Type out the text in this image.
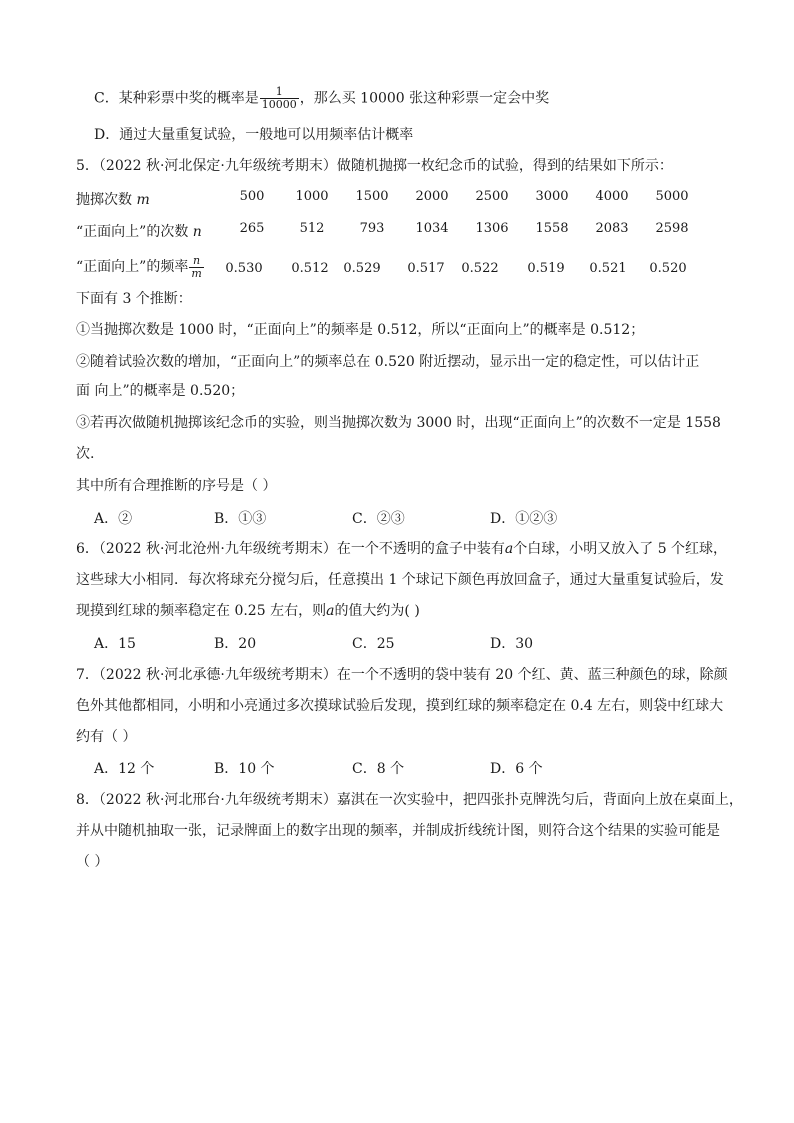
C．某种彩票中奖的概率是 $\frac{1}{10000}$ ，那么买 10000 张这种彩票一定会中奖
D．通过大量重复试验，一般地可以用频率估计概率
5．（2022 秋·河北保定·九年级统考期末）做随机抛掷一枚纪念币的试验，得到的结果如下所示：
抛掷次数 m	500	1000	1500	2000	2500	3000	4000	5000
“正面向上”的次数 n	265	512	793	1034	1306	1558	2083	2598
“正面向上”的频率 $\frac{n}{m}$	0.530	0.512	0.529	0.517	0.522	0.519	0.521	0.520
下面有 3 个推断：
①当抛掷次数是 1000 时，“正面向上”的频率是 0.512，所以“正面向上”的概率是 0.512；
②随着试验次数的增加，“正面向上”的频率总在 0.520 附近摆动，显示出一定的稳定性，可以估计正
面 向上”的概率是 0.520；
③若再次做随机抛掷该纪念币的实验，则当抛掷次数为 3000 时，出现“正面向上”的次数不一定是 1558
次.
其中所有合理推断的序号是（ ）
A．②	B．①③	C．②③	D．①②③
6．（2022 秋·河北沧州·九年级统考期末）在一个不透明的盒子中装有a个白球，小明又放入了 5 个红球，
这些球大小相同．每次将球充分搅匀后，任意摸出 1 个球记下颜色再放回盒子，通过大量重复试验后，发
现摸到红球的频率稳定在 0.25 左右，则a的值大约为( )
A．15	B．20	C．25	D．30
7．（2022 秋·河北承德·九年级统考期末）在一个不透明的袋中装有 20 个红、黄、蓝三种颜色的球，除颜
色外其他都相同，小明和小亮通过多次摸球试验后发现，摸到红球的频率稳定在 0.4 左右，则袋中红球大
约有（ ）
A．12 个	B．10 个	C．8 个	D．6 个
8．（2022 秋·河北邢台·九年级统考期末）嘉淇在一次实验中，把四张扑克牌洗匀后，背面向上放在桌面上，
并从中随机抽取一张，记录牌面上的数字出现的频率，并制成折线统计图，则符合这个结果的实验可能是
（ ）
